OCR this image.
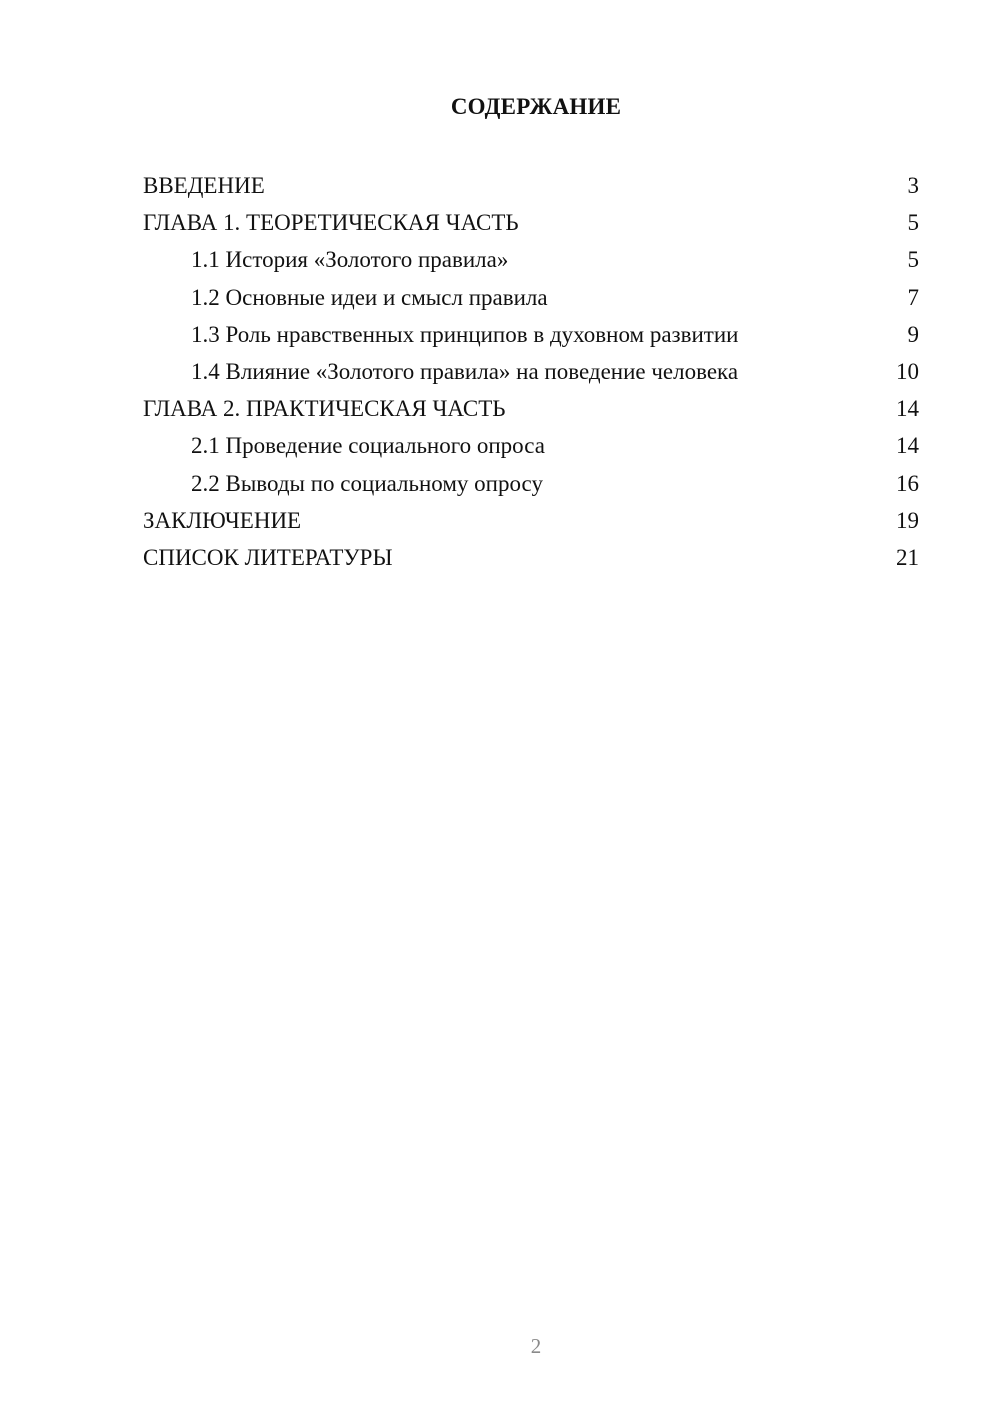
СОДЕРЖАНИЕ
ВВЕДЕНИЕ	3
ГЛАВА 1. ТЕОРЕТИЧЕСКАЯ ЧАСТЬ	5
1.1 История «Золотого правила»	5
1.2 Основные идеи и смысл правила	7
1.3 Роль нравственных принципов в духовном развитии	9
1.4 Влияние «Золотого правила» на поведение человека	10
ГЛАВА 2. ПРАКТИЧЕСКАЯ ЧАСТЬ	14
2.1 Проведение социального опроса	14
2.2 Выводы по социальному опросу	16
ЗАКЛЮЧЕНИЕ	19
СПИСОК ЛИТЕРАТУРЫ	21
2
